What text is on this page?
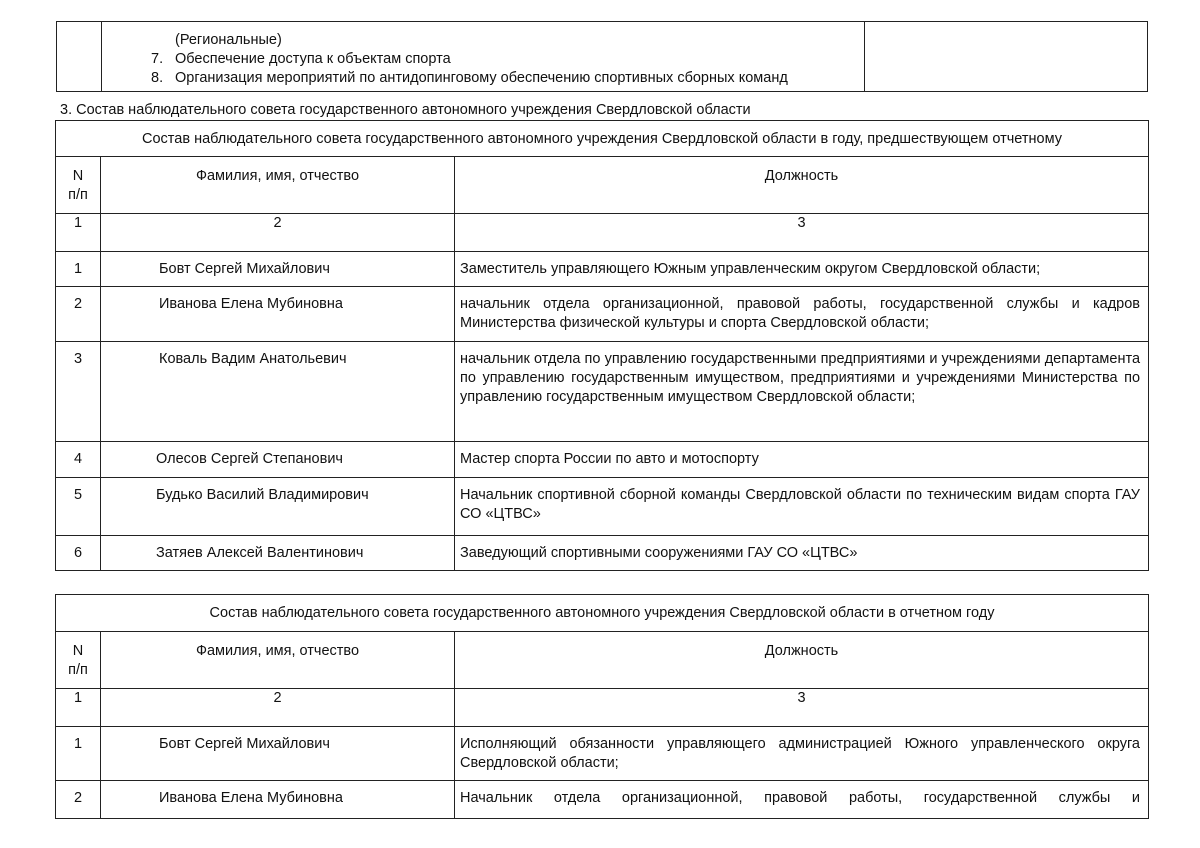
(Региональные)
7. Обеспечение доступа к объектам спорта
8. Организация мероприятий по антидопинговому обеспечению спортивных сборных команд

3. Состав наблюдательного совета государственного автономного учреждения Свердловской области
Состав наблюдательного совета государственного автономного учреждения Свердловской области в году, предшествующем отчетному		

N
п/п	Фамилия, имя, отчество	Должность
1	2	3
1	Бовт Сергей Михайлович	Заместитель управляющего Южным управленческим округом Свердловской области;
2	Иванова Елена Мубиновна	начальник отдела организационной, правовой работы, государственной службы и кадров Министерства физической культуры и спорта Свердловской области;
3	Коваль Вадим Анатольевич	начальник отдела по управлению государственными предприятиями и учреждениями департамента по управлению государственным имуществом, предприятиями и учреждениями Министерства по управлению государственным имуществом Свердловской области;
4	Олесов Сергей Степанович	Мастер спорта России по авто и мотоспорту
5	Будько Василий Владимирович	Начальник спортивной сборной команды Свердловской области по техническим видам спорта ГАУ СО «ЦТВС»
6	Затяев Алексей Валентинович	Заведующий спортивными сооружениями ГАУ СО «ЦТВС»
Состав наблюдательного совета государственного автономного учреждения Свердловской области в отчетном году		

N
п/п	Фамилия, имя, отчество	Должность
1	2	3
1	Бовт Сергей Михайлович	Исполняющий обязанности управляющего администрацией Южного управленческого округа Свердловской области;
2	Иванова Елена Мубиновна	Начальник отдела организационной, правовой работы, государственной службы и
